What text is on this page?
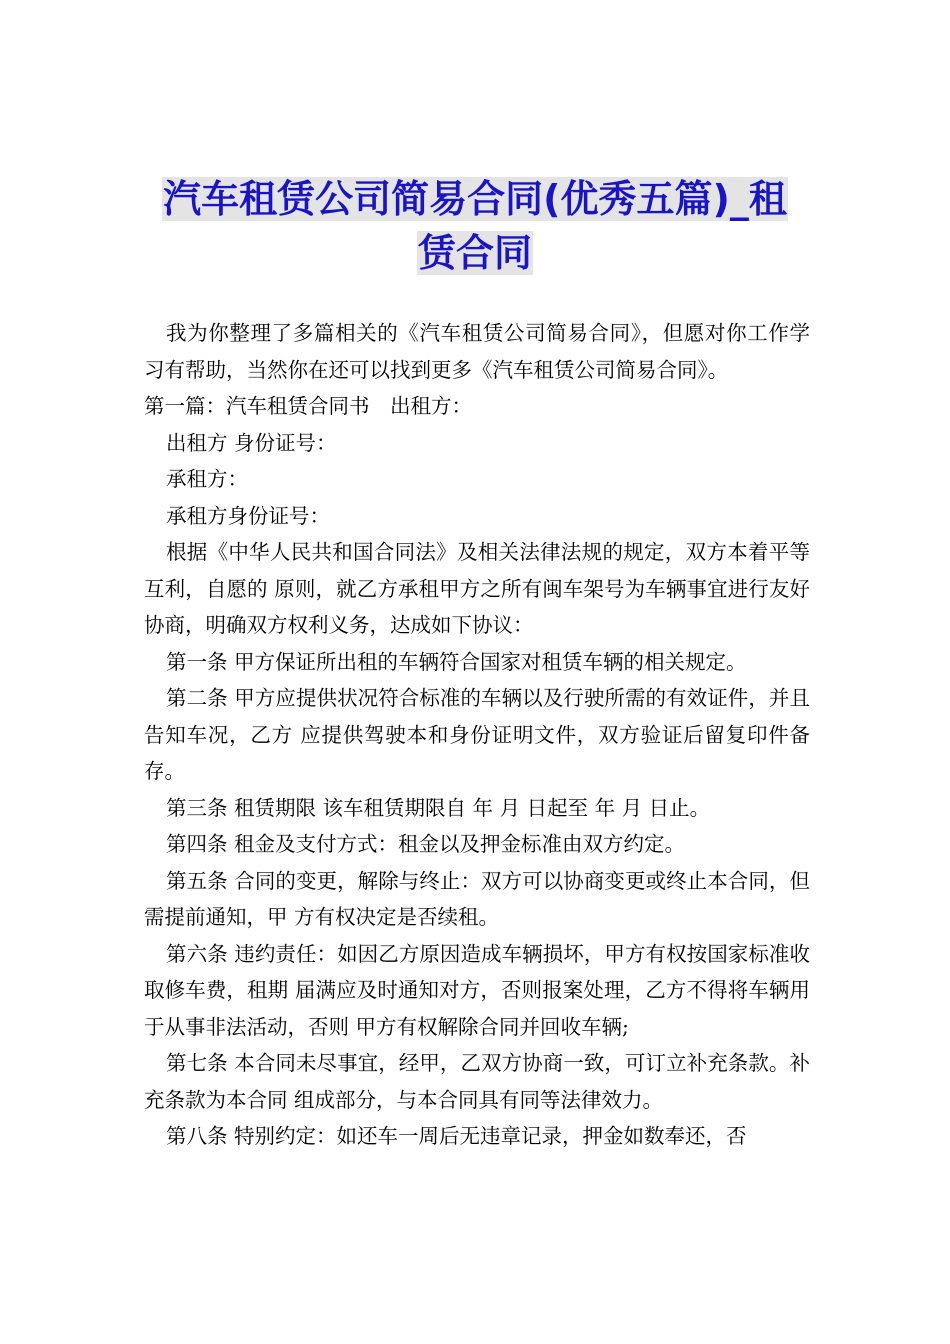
汽车租赁公司简易合同(优秀五篇)_租
赁合同

我为你整理了多篇相关的《汽车租赁公司简易合同》，但愿对你工作学习有帮助，当然你在还可以找到更多《汽车租赁公司简易合同》。

第一篇：汽车租赁合同书　出租方：

出租方 身份证号：

承租方：

承租方身份证号：

根据《中华人民共和国合同法》及相关法律法规的规定，双方本着平等互利，自愿的 原则，就乙方承租甲方之所有闽车架号为车辆事宜进行友好协商，明确双方权利义务，达成如下协议：

第一条 甲方保证所出租的车辆符合国家对租赁车辆的相关规定。

第二条 甲方应提供状况符合标准的车辆以及行驶所需的有效证件，并且告知车况，乙方 应提供驾驶本和身份证明文件，双方验证后留复印件备存。

第三条 租赁期限 该车租赁期限自 年 月 日起至 年 月 日止。

第四条 租金及支付方式：租金以及押金标准由双方约定。

第五条 合同的变更，解除与终止：双方可以协商变更或终止本合同，但需提前通知，甲 方有权决定是否续租。

第六条 违约责任：如因乙方原因造成车辆损坏，甲方有权按国家标准收取修车费，租期 届满应及时通知对方，否则报案处理，乙方不得将车辆用于从事非法活动，否则 甲方有权解除合同并回收车辆;

第七条 本合同未尽事宜，经甲，乙双方协商一致，可订立补充条款。补充条款为本合同 组成部分，与本合同具有同等法律效力。

第八条 特别约定：如还车一周后无违章记录，押金如数奉还，否
